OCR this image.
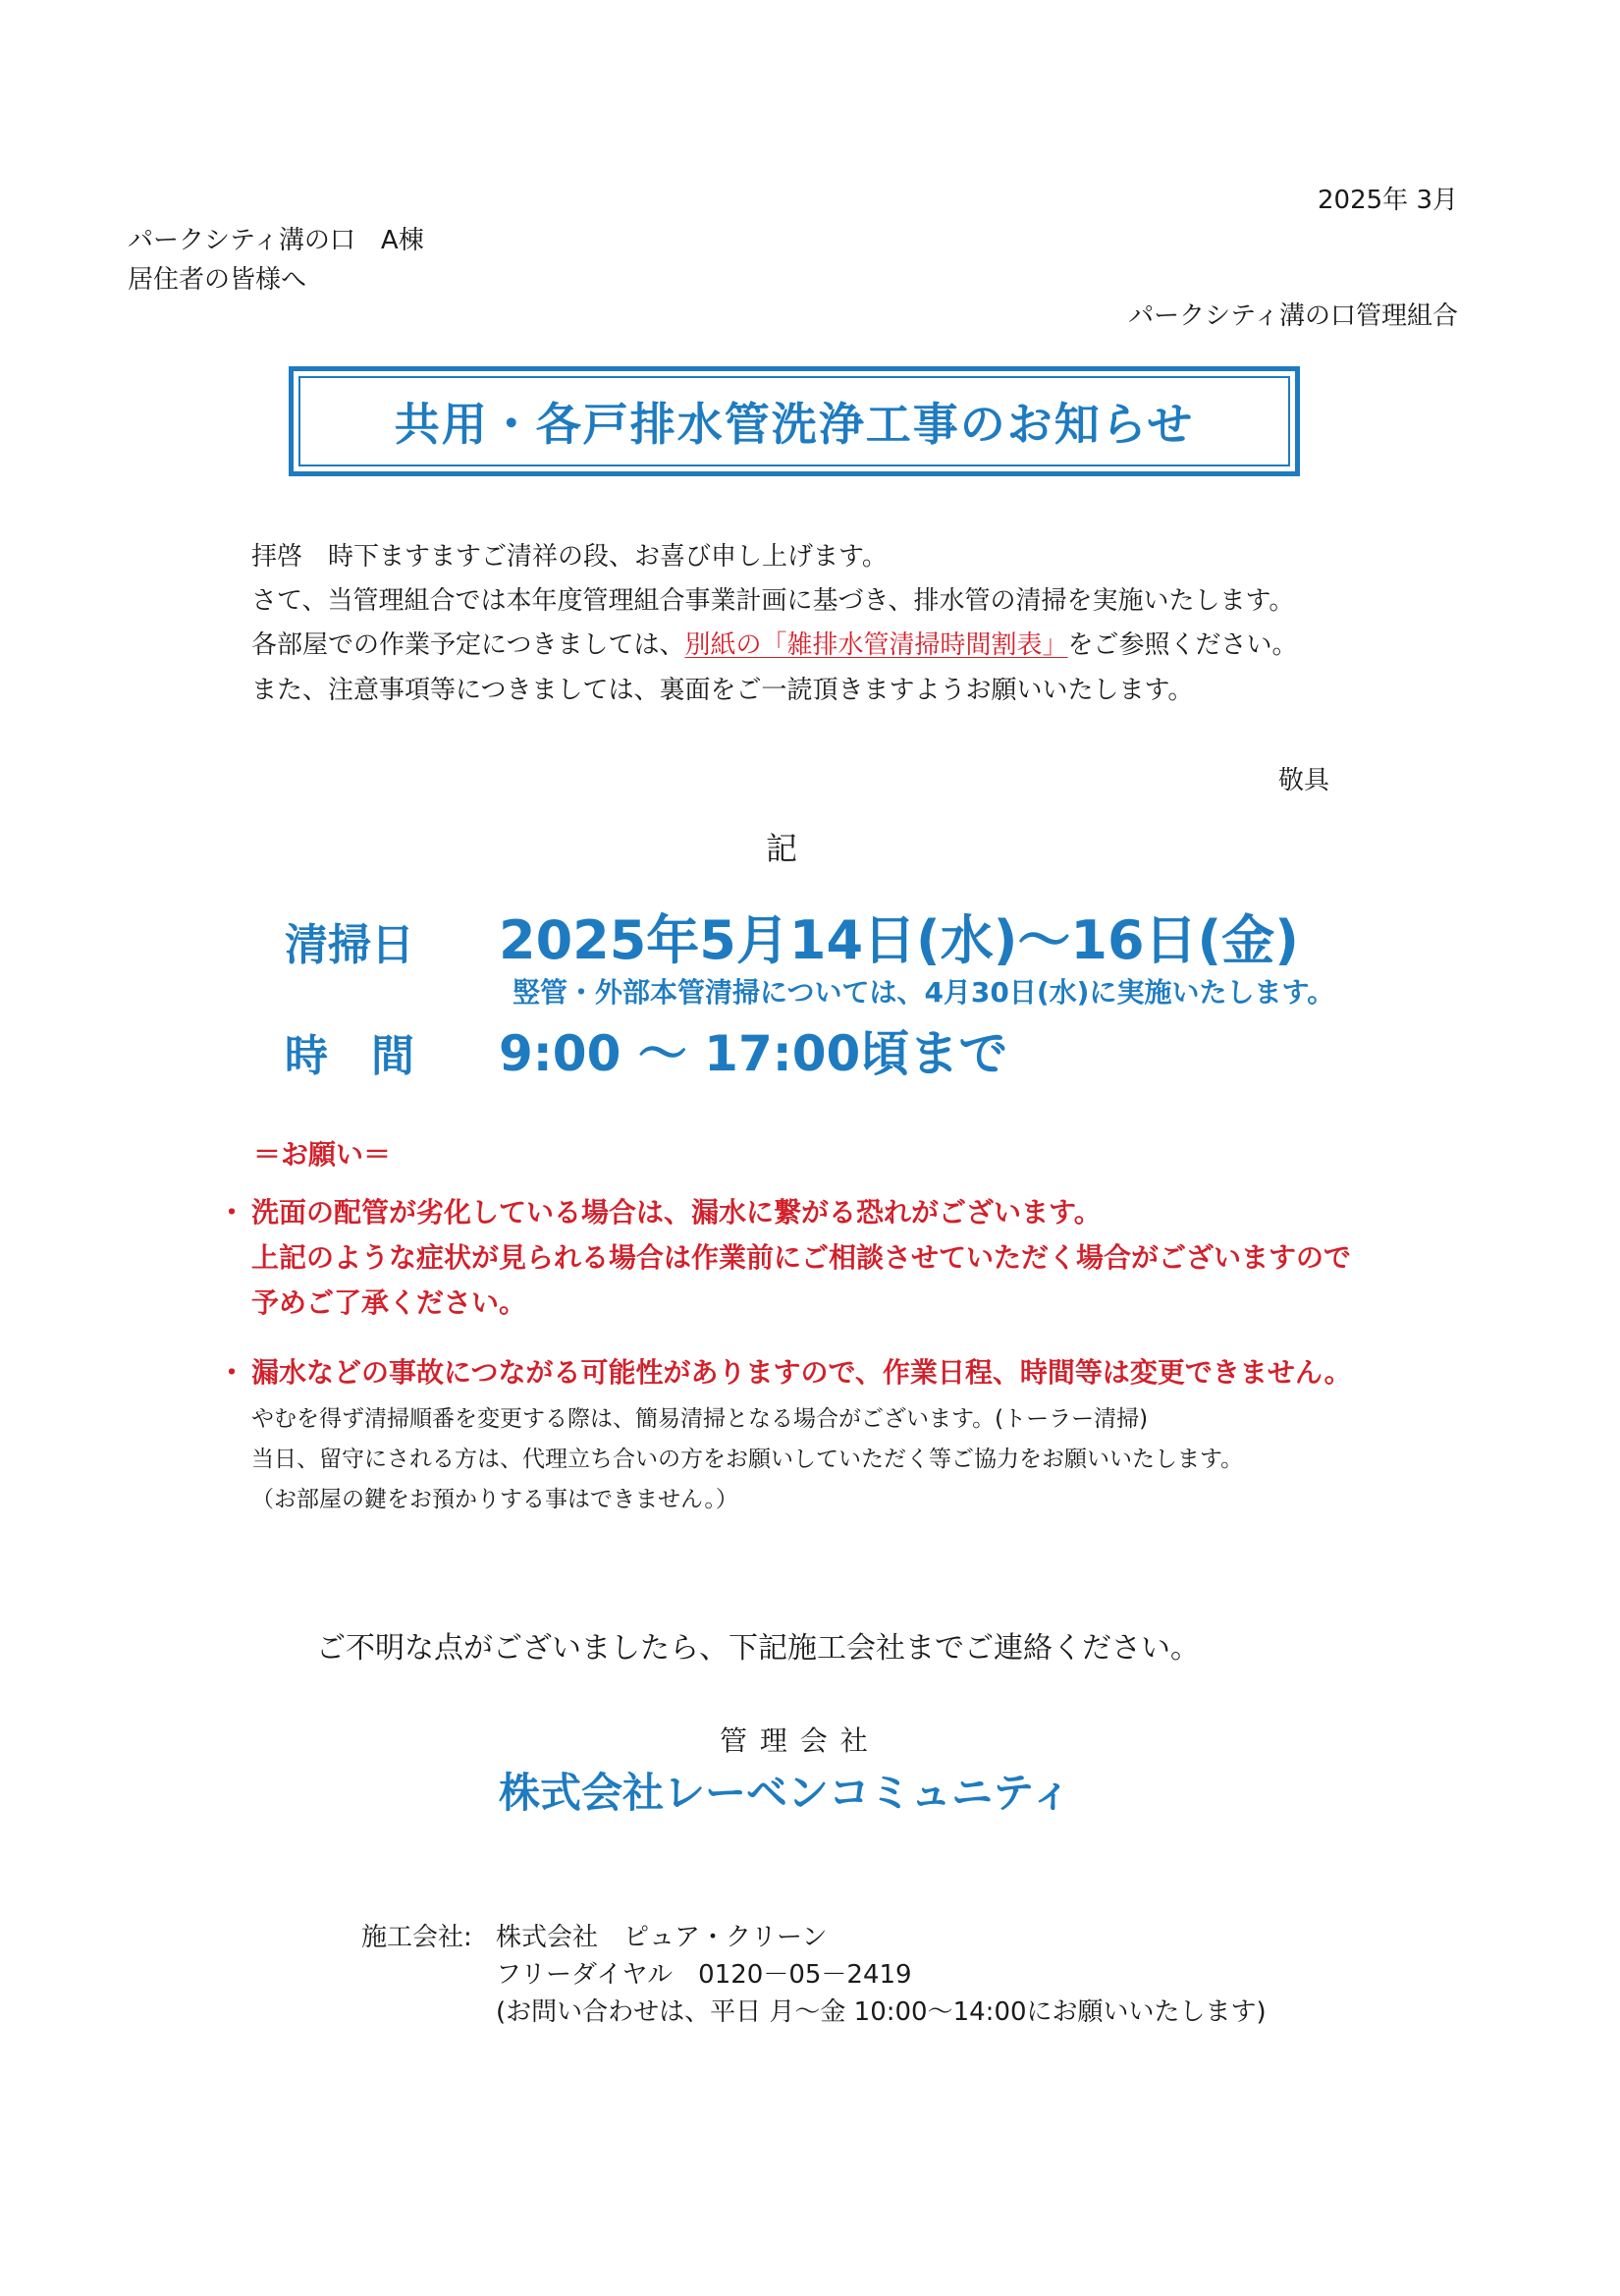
2025年 3月
パークシティ溝の口　A棟
居住者の皆様へ
パークシティ溝の口管理組合
共用・各戸排水管洗浄工事のお知らせ
拝啓　時下ますますご清祥の段、お喜び申し上げます。
さて、当管理組合では本年度管理組合事業計画に基づき、排水管の清掃を実施いたします。
各部屋での作業予定につきましては、別紙の「雑排水管清掃時間割表」をご参照ください。
また、注意事項等につきましては、裏面をご一読頂きますようお願いいたします。
敬具
記
清掃日 2025年5月14日(水)～16日(金)
竪管・外部本管清掃については、4月30日(水)に実施いたします。
時　間 9:00 ～ 17:00頃まで
＝お願い＝
・ 洗面の配管が劣化している場合は、漏水に繋がる恐れがございます。
上記のような症状が見られる場合は作業前にご相談させていただく場合がございますので
予めご了承ください。
・ 漏水などの事故につながる可能性がありますので、作業日程、時間等は変更できません。
やむを得ず清掃順番を変更する際は、簡易清掃となる場合がございます。(トーラー清掃)
当日、留守にされる方は、代理立ち合いの方をお願いしていただく等ご協力をお願いいたします。
（お部屋の鍵をお預かりする事はできません。）
ご不明な点がございましたら、下記施工会社までご連絡ください。
管 理 会 社
株式会社レーベンコミュニティ
施工会社: 株式会社　ピュア・クリーン
フリーダイヤル　0120－05－2419
(お問い合わせは、平日 月～金 10:00～14:00にお願いいたします)
